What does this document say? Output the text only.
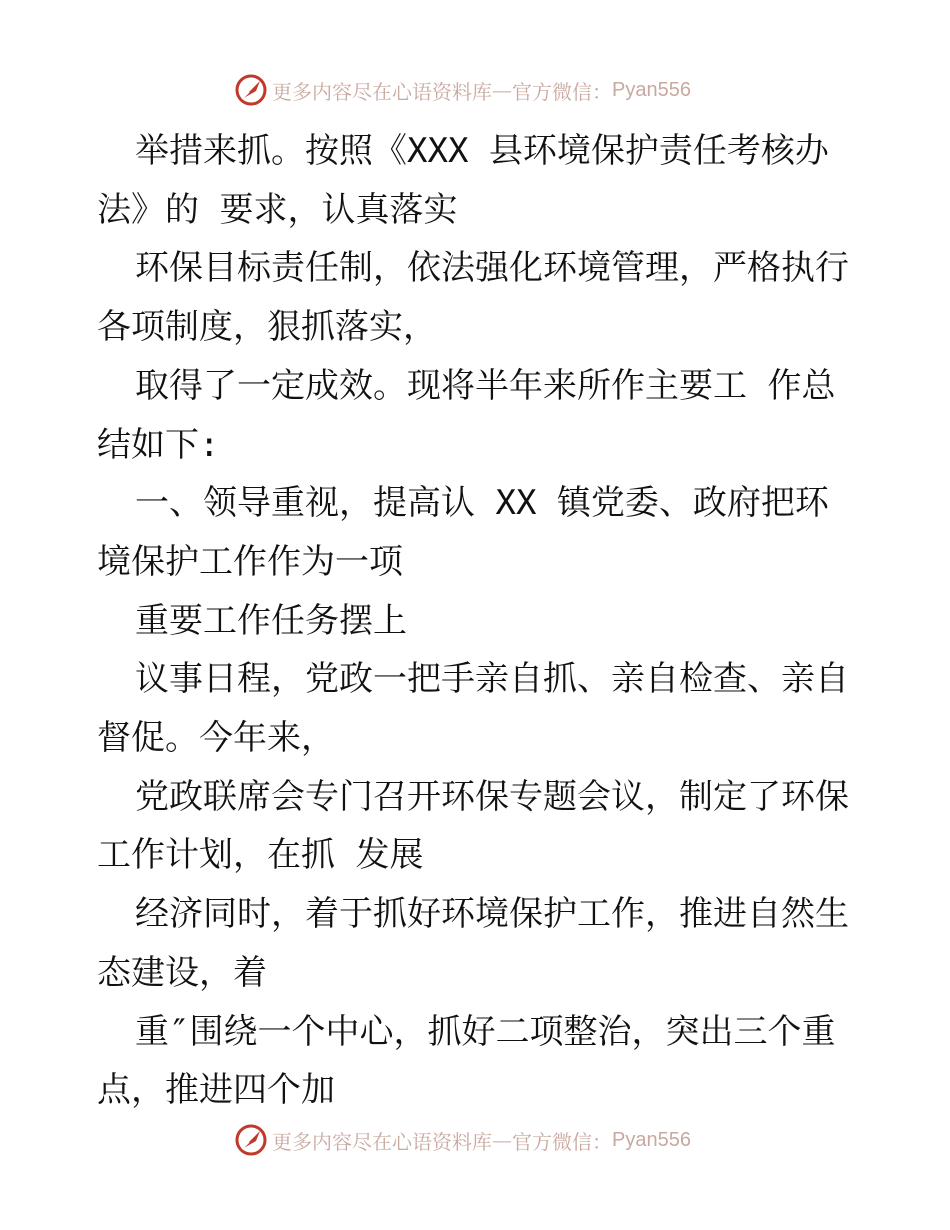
更多内容尽在心语资料库 — 官方微信： Pyan556

举措来抓。按照《XXX 县环境保护责任考核办法》的 要求，认真落实

环保目标责任制，依法强化环境管理，严格执行各项制度，狠抓落实，

取得了一定成效。现将半年来所作主要工 作总结如下:

一、领导重视，提高认 XX 镇党委、政府把环境保护工作作为一项

重要工作任务摆上

议事日程，党政一把手亲自抓、亲自检查、亲自督促。今年来，

党政联席会专门召开环保专题会议，制定了环保工作计划，在抓 发展

经济同时，着于抓好环境保护工作，推进自然生态建设，着

重″围绕一个中心，抓好二项整治，突出三个重点，推进四个加

更多内容尽在心语资料库 — 官方微信： Pyan556
